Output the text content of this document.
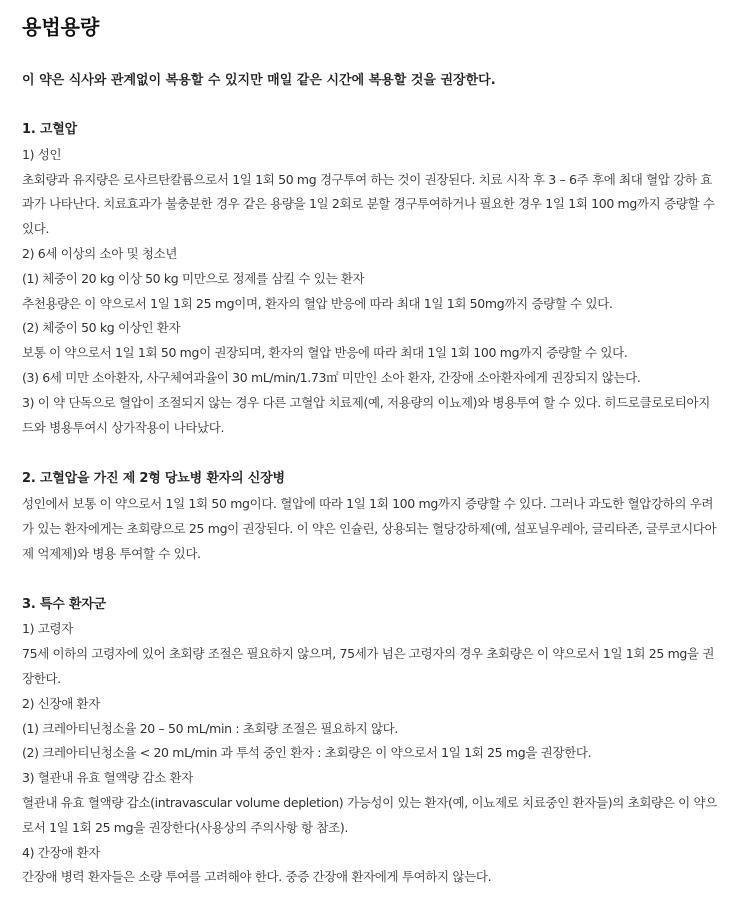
용법용량
이 약은 식사와 관계없이 복용할 수 있지만 매일 같은 시간에 복용할 것을 권장한다.
1. 고혈압

1) 성인

초회량과 유지량은 로사르탄칼륨으로서 1일 1회 50 mg 경구투여 하는 것이 권장된다. 치료 시작 후 3 – 6주 후에 최대 혈압 강하 효과가 나타난다. 치료효과가 불충분한 경우 같은 용량을 1일 2회로 분할 경구투여하거나 필요한 경우 1일 1회 100 mg까지 증량할 수 있다.

2) 6세 이상의 소아 및 청소년

(1) 체중이 20 kg 이상 50 kg 미만으로 정제를 삼킬 수 있는 환자

추천용량은 이 약으로서 1일 1회 25 mg이며, 환자의 혈압 반응에 따라 최대 1일 1회 50mg까지 증량할 수 있다.

(2) 체중이 50 kg 이상인 환자

보통 이 약으로서 1일 1회 50 mg이 권장되며, 환자의 혈압 반응에 따라 최대 1일 1회 100 mg까지 증량할 수 있다.

(3) 6세 미만 소아환자, 사구체여과율이 30 mL/min/1.73㎡ 미만인 소아 환자, 간장애 소아환자에게 권장되지 않는다.

3) 이 약 단독으로 혈압이 조절되지 않는 경우 다른 고혈압 치료제(예, 저용량의 이뇨제)와 병용투여 할 수 있다. 히드로클로로티아지드와 병용투여시 상가작용이 나타났다.

2. 고혈압을 가진 제 2형 당뇨병 환자의 신장병

성인에서 보통 이 약으로서 1일 1회 50 mg이다. 혈압에 따라 1일 1회 100 mg까지 증량할 수 있다. 그러나 과도한 혈압강하의 우려가 있는 환자에게는 초회량으로 25 mg이 권장된다. 이 약은 인슐린, 상용되는 혈당강하제(예, 설포닐우레아, 글리타존, 글루코시다아제 억제제)와 병용 투여할 수 있다.

3. 특수 환자군

1) 고령자

75세 이하의 고령자에 있어 초회량 조절은 필요하지 않으며, 75세가 넘은 고령자의 경우 초회량은 이 약으로서 1일 1회 25 mg을 권장한다.

2) 신장애 환자

(1) 크레아티닌청소율 20 – 50 mL/min : 초회량 조절은 필요하지 않다.

(2) 크레아티닌청소율 < 20 mL/min 과 투석 중인 환자 : 초회량은 이 약으로서 1일 1회 25 mg을 권장한다.

3) 혈관내 유효 혈액량 감소 환자

혈관내 유효 혈액량 감소(intravascular volume depletion) 가능성이 있는 환자(예, 이뇨제로 치료중인 환자들)의 초회량은 이 약으로서 1일 1회 25 mg을 권장한다(사용상의 주의사항 항 참조).

4) 간장애 환자

간장애 병력 환자들은 소량 투여를 고려해야 한다. 중증 간장애 환자에게 투여하지 않는다.
